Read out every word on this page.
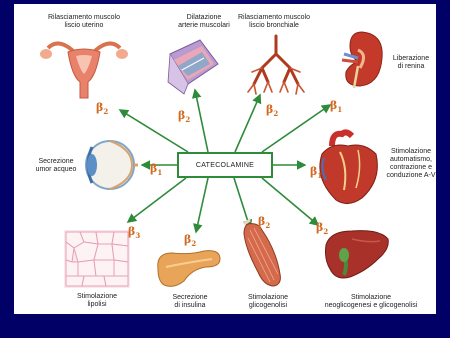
CATECOLAMINE
Rilasciamento muscolo
liscio uterino
$\beta_2$
Dilatazione
arterie muscolari
$\beta_2$
Rilasciamento muscolo
liscio bronchiale
$\beta_2$
Liberazione
di renina
$\beta_1$
Secrezione
umor acqueo	$\beta_1$
Stimolazione
automatismo,
contrazione e
conduzione A-V
$\beta_1$
$\beta_3$
Stimolazione
lipolisi
$\beta_2$
Secrezione
di insulina
$\beta_2$
Stimolazione
glicogenolisi
$\beta_2$
Stimolazione
neoglicogenesi e glicogenolisi
